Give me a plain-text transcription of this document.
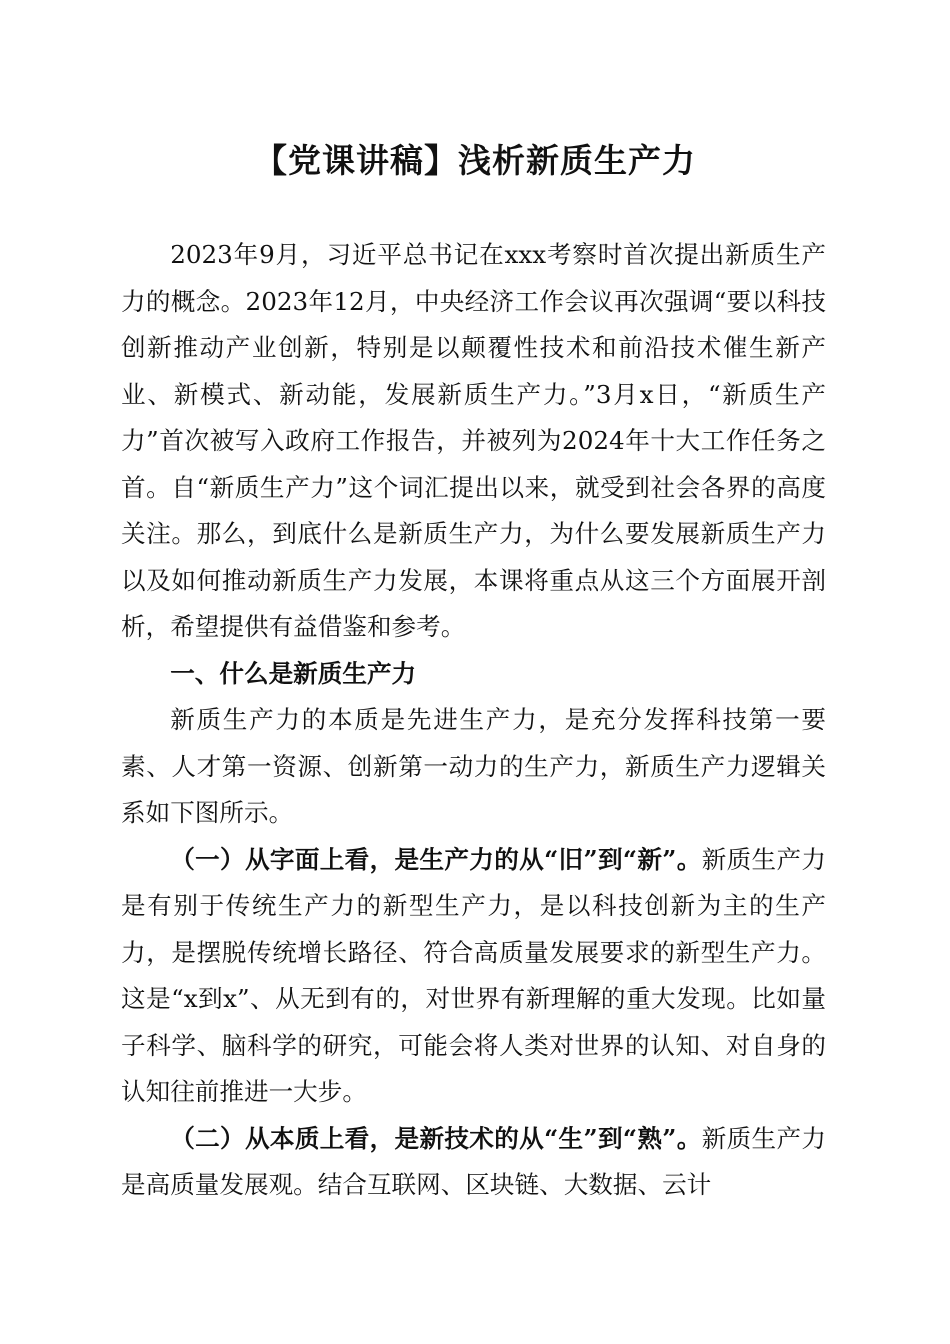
【党课讲稿】浅析新质生产力

2023年9月，习近平总书记在xxx考察时首次提出新质生产力的概念。2023年12月，中央经济工作会议再次强调“要以科技创新推动产业创新，特别是以颠覆性技术和前沿技术催生新产业、新模式、新动能，发展新质生产力。”3月x日，“新质生产力”首次被写入政府工作报告，并被列为2024年十大工作任务之首。自“新质生产力”这个词汇提出以来，就受到社会各界的高度关注。那么，到底什么是新质生产力，为什么要发展新质生产力以及如何推动新质生产力发展，本课将重点从这三个方面展开剖析，希望提供有益借鉴和参考。

一、什么是新质生产力

新质生产力的本质是先进生产力，是充分发挥科技第一要素、人才第一资源、创新第一动力的生产力，新质生产力逻辑关系如下图所示。

（一）从字面上看，是生产力的从“旧”到“新”。新质生产力是有别于传统生产力的新型生产力，是以科技创新为主的生产力，是摆脱传统增长路径、符合高质量发展要求的新型生产力。这是“x到x”、从无到有的，对世界有新理解的重大发现。比如量子科学、脑科学的研究，可能会将人类对世界的认知、对自身的认知往前推进一大步。

（二）从本质上看，是新技术的从“生”到“熟”。新质生产力是高质量发展观。结合互联网、区块链、大数据、云计
